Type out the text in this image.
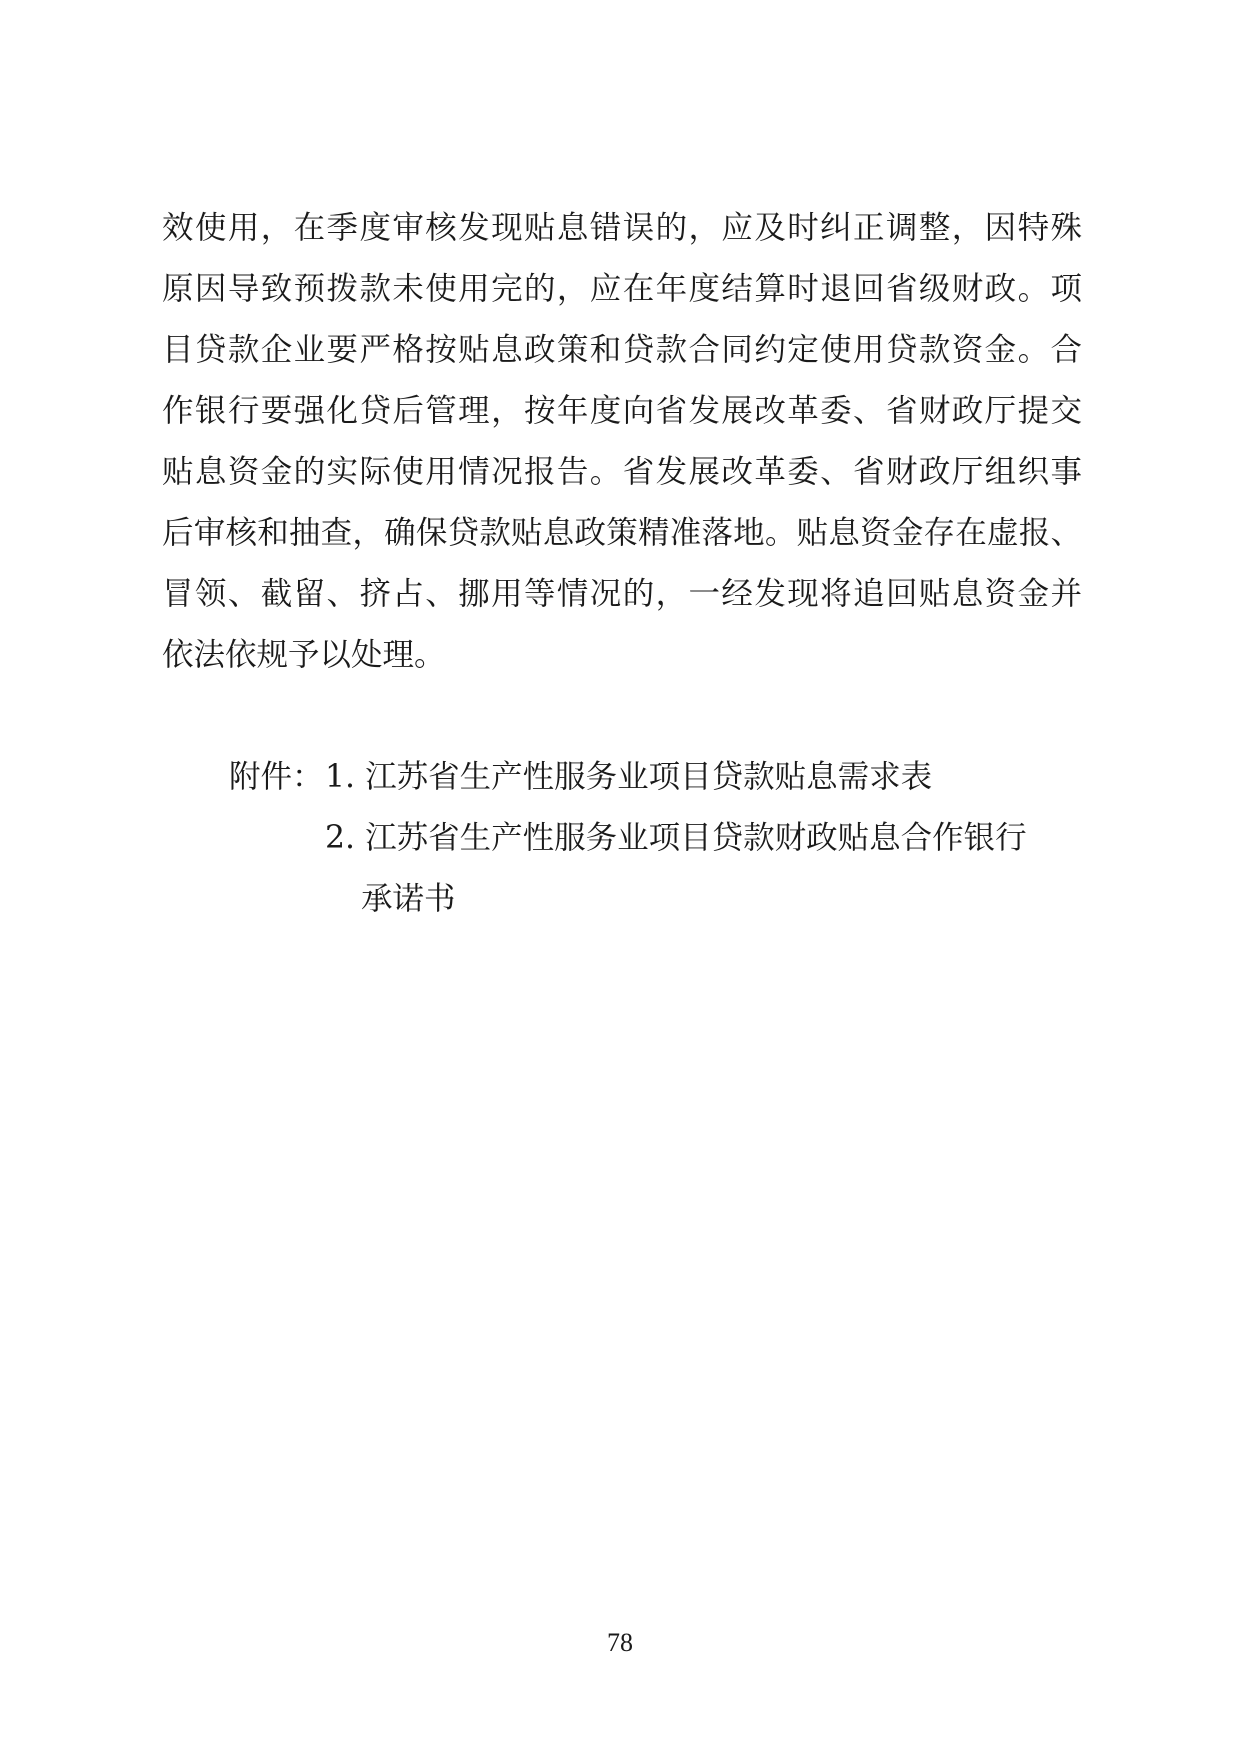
效使用，在季度审核发现贴息错误的，应及时纠正调整，因特殊
原因导致预拨款未使用完的，应在年度结算时退回省级财政。项
目贷款企业要严格按贴息政策和贷款合同约定使用贷款资金。合
作银行要强化贷后管理，按年度向省发展改革委、省财政厅提交
贴息资金的实际使用情况报告。省发展改革委、省财政厅组织事
后审核和抽查，确保贷款贴息政策精准落地。贴息资金存在虚报、
冒领、截留、挤占、挪用等情况的，一经发现将追回贴息资金并
依法依规予以处理。
附件： 1. 江苏省生产性服务业项目贷款贴息需求表
2. 江苏省生产性服务业项目贷款财政贴息合作银行
承诺书
78
